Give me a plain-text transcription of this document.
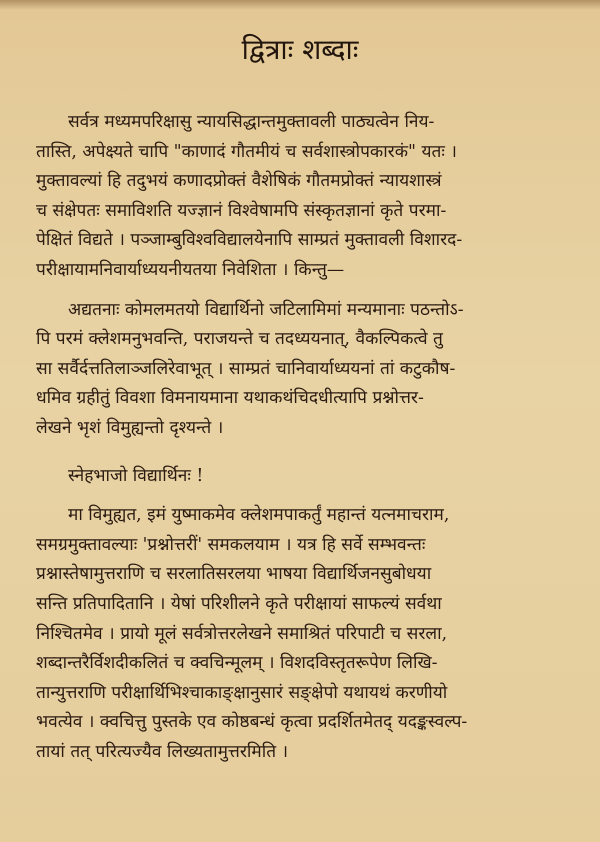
द्वित्राः शब्दाः
सर्वत्र मध्यमपरिक्षासु न्यायसिद्धान्तमुक्तावली पाठ्यत्वेन निय-
तास्ति, अपेक्ष्यते चापि "काणादं गौतमीयं च सर्वशास्त्रोपकारकं" यतः ।
मुक्तावल्यां हि तदुभयं कणादप्रोक्तं वैशेषिकं गौतमप्रोक्तं न्यायशास्त्रं
च संक्षेपतः समाविशति यज्ज्ञानं विश्वेषामपि संस्कृतज्ञानां कृते परमा-
पेक्षितं विद्यते । पञ्जाम्बुविश्वविद्यालयेनापि साम्प्रतं मुक्तावली विशारद-
परीक्षायामनिवार्याध्ययनीयतया निवेशिता । किन्तु—
अद्यतनाः कोमलमतयो विद्यार्थिनो जटिलामिमां मन्यमानाः पठन्तोऽ-
पि परमं क्लेशमनुभवन्ति, पराजयन्ते च तदध्ययनात्, वैकल्पिकत्वे तु
सा सर्वैर्दत्ततिलाञ्जलिरेवाभूत् । साम्प्रतं चानिवार्याध्ययनां तां कटुकौष-
धमिव ग्रहीतुं विवशा विमनायमाना यथाकथंचिदधीत्यापि प्रश्नोत्तर-
लेखने भृशं विमुह्यन्तो दृश्यन्ते ।
स्नेहभाजो विद्यार्थिनः !
मा विमुह्यत, इमं युष्माकमेव क्लेशमपाकर्तुं महान्तं यत्नमाचराम,
समग्रमुक्तावल्याः 'प्रश्नोत्तरीं' समकलयाम । यत्र हि सर्वे सम्भवन्तः
प्रश्नास्तेषामुत्तराणि च सरलातिसरलया भाषया विद्यार्थिजनसुबोधया
सन्ति प्रतिपादितानि । येषां परिशीलने कृते परीक्षायां साफल्यं सर्वथा
निश्चितमेव । प्रायो मूलं सर्वत्रोत्तरलेखने समाश्रितं परिपाटी च सरला,
शब्दान्तरैर्विशदीकलितं च क्वचिन्मूलम् । विशदविस्तृतरूपेण लिखि-
तान्युत्तराणि परीक्षार्थिभिश्चाकाङ्क्षानुसारं सङ्क्षेपो यथायथं करणीयो
भवत्येव । क्वचित्तु पुस्तके एव कोष्ठबन्धं कृत्वा प्रदर्शितमेतद् यदङ्कस्वल्प-
तायां तत् परित्यज्यैव लिख्यतामुत्तरमिति ।
